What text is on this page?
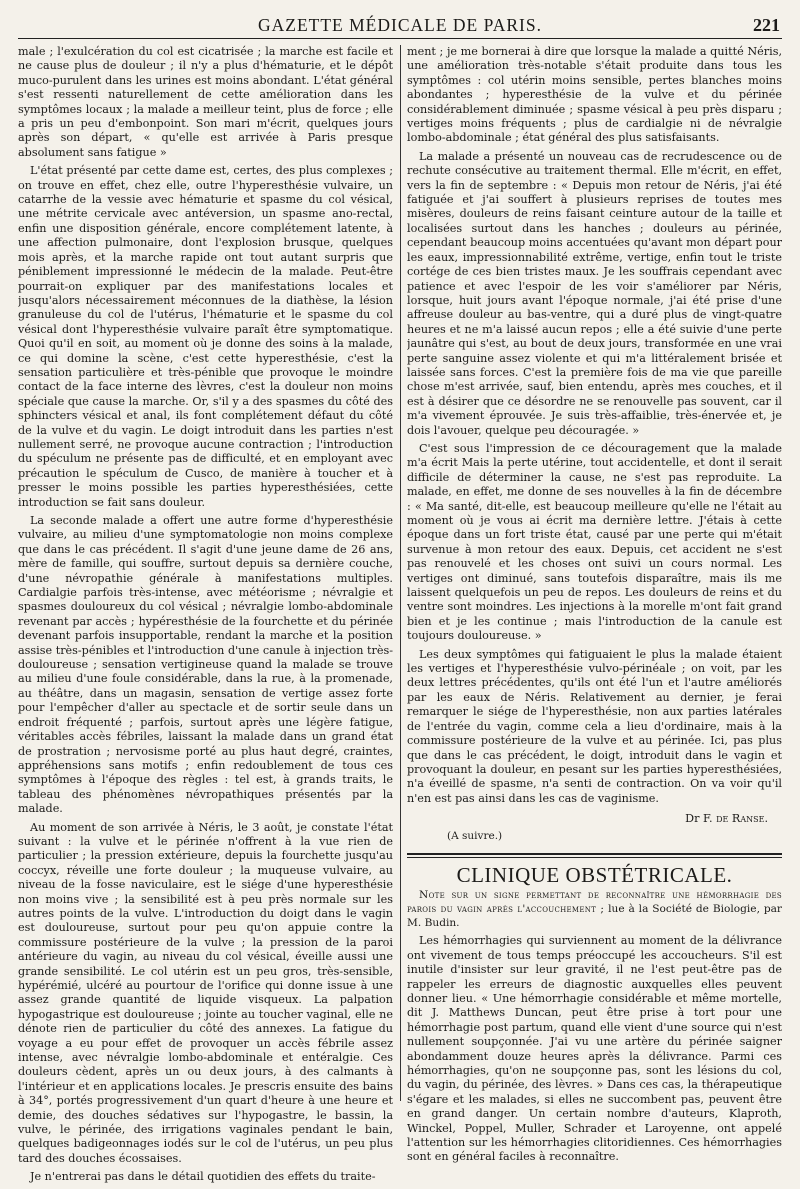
GAZETTE MÉDICALE DE PARIS.	221

male ; l'exulcération du col est cicatrisée ; la marche est facile et ne cause plus de douleur ; il n'y a plus d'hématurie, et le dépôt muco-purulent dans les urines est moins abondant. L'état général s'est ressenti naturellement de cette amélioration dans les symptômes locaux ; la malade a meilleur teint, plus de force ; elle a pris un peu d'embonpoint. Son mari m'écrit, quelques jours après son départ, « qu'elle est arrivée à Paris presque absolument sans fatigue »

L'état présenté par cette dame est, certes, des plus complexes ; on trouve en effet, chez elle, outre l'hyperesthésie vulvaire, un catarrhe de la vessie avec hématurie et spasme du col vésical, une métrite cervicale avec antéversion, un spasme ano-rectal, enfin une disposition générale, encore complétement latente, à une affection pulmonaire, dont l'explosion brusque, quelques mois après, et la marche rapide ont tout autant surpris que péniblement impressionné le médecin de la malade. Peut-être pourrait-on expliquer par des manifestations locales et jusqu'alors nécessairement méconnues de la diathèse, la lésion granuleuse du col de l'utérus, l'hématurie et le spasme du col vésical dont l'hyperesthésie vulvaire paraît être symptomatique. Quoi qu'il en soit, au moment où je donne des soins à la malade, ce qui domine la scène, c'est cette hyperesthésie, c'est la sensation particulière et très-pénible que provoque le moindre contact de la face interne des lèvres, c'est la douleur non moins spéciale que cause la marche. Or, s'il y a des spasmes du côté des sphincters vésical et anal, ils font complétement défaut du côté de la vulve et du vagin. Le doigt introduit dans les parties n'est nullement serré, ne provoque aucune contraction ; l'introduction du spéculum ne présente pas de difficulté, et en employant avec précaution le spéculum de Cusco, de manière à toucher et à presser le moins possible les parties hyperesthésiées, cette introduction se fait sans douleur.

La seconde malade a offert une autre forme d'hyperesthésie vulvaire, au milieu d'une symptomatologie non moins complexe que dans le cas précédent. Il s'agit d'une jeune dame de 26 ans, mère de famille, qui souffre, surtout depuis sa dernière couche, d'une névropathie générale à manifestations multiples. Cardialgie parfois très-intense, avec météorisme ; névralgie et spasmes douloureux du col vésical ; névralgie lombo-abdominale revenant par accès ; hypéresthésie de la fourchette et du périnée devenant parfois insupportable, rendant la marche et la position assise très-pénibles et l'introduction d'une canule à injection très-douloureuse ; sensation vertigineuse quand la malade se trouve au milieu d'une foule considérable, dans la rue, à la promenade, au théâtre, dans un magasin, sensation de vertige assez forte pour l'empêcher d'aller au spectacle et de sortir seule dans un endroit fréquenté ; parfois, surtout après une légère fatigue, véritables accès fébriles, laissant la malade dans un grand état de prostration ; nervosisme porté au plus haut degré, craintes, appréhensions sans motifs ; enfin redoublement de tous ces symptômes à l'époque des règles : tel est, à grands traits, le tableau des phénomènes névropathiques présentés par la malade.

Au moment de son arrivée à Néris, le 3 août, je constate l'état suivant : la vulve et le périnée n'offrent à la vue rien de particulier ; la pression extérieure, depuis la fourchette jusqu'au coccyx, réveille une forte douleur ; la muqueuse vulvaire, au niveau de la fosse naviculaire, est le siége d'une hyperesthésie non moins vive ; la sensibilité est à peu près normale sur les autres points de la vulve. L'introduction du doigt dans le vagin est douloureuse, surtout pour peu qu'on appuie contre la commissure postérieure de la vulve ; la pression de la paroi antérieure du vagin, au niveau du col vésical, éveille aussi une grande sensibilité. Le col utérin est un peu gros, très-sensible, hypérémié, ulcéré au pourtour de l'orifice qui donne issue à une assez grande quantité de liquide visqueux. La palpation hypogastrique est douloureuse ; jointe au toucher vaginal, elle ne dénote rien de particulier du côté des annexes. La fatigue du voyage a eu pour effet de provoquer un accès fébrile assez intense, avec névralgie lombo-abdominale et entéralgie. Ces douleurs cèdent, après un ou deux jours, à des calmants à l'intérieur et en applications locales. Je prescris ensuite des bains à 34°, portés progressivement d'un quart d'heure à une heure et demie, des douches sédatives sur l'hypogastre, le bassin, la vulve, le périnée, des irrigations vaginales pendant le bain, quelques badigeonnages iodés sur le col de l'utérus, un peu plus tard des douches écossaises.

Je n'entrerai pas dans le détail quotidien des effets du traite-

ment ; je me bornerai à dire que lorsque la malade a quitté Néris, une amélioration très-notable s'était produite dans tous les symptômes : col utérin moins sensible, pertes blanches moins abondantes ; hyperesthésie de la vulve et du périnée considérablement diminuée ; spasme vésical à peu près disparu ; vertiges moins fréquents ; plus de cardialgie ni de névralgie lombo-abdominale ; état général des plus satisfaisants.

La malade a présenté un nouveau cas de recrudescence ou de rechute consécutive au traitement thermal. Elle m'écrit, en effet, vers la fin de septembre : « Depuis mon retour de Néris, j'ai été fatiguée et j'ai souffert à plusieurs reprises de toutes mes misères, douleurs de reins faisant ceinture autour de la taille et localisées surtout dans les hanches ; douleurs au périnée, cependant beaucoup moins accentuées qu'avant mon départ pour les eaux, impressionnabilité extrême, vertige, enfin tout le triste cortége de ces bien tristes maux. Je les souffrais cependant avec patience et avec l'espoir de les voir s'améliorer par Néris, lorsque, huit jours avant l'époque normale, j'ai été prise d'une affreuse douleur au bas-ventre, qui a duré plus de vingt-quatre heures et ne m'a laissé aucun repos ; elle a été suivie d'une perte jaunâtre qui s'est, au bout de deux jours, transformée en une vrai perte sanguine assez violente et qui m'a littéralement brisée et laissée sans forces. C'est la première fois de ma vie que pareille chose m'est arrivée, sauf, bien entendu, après mes couches, et il est à désirer que ce désordre ne se renouvelle pas souvent, car il m'a vivement éprouvée. Je suis très-affaiblie, très-énervée et, je dois l'avouer, quelque peu découragée. »

C'est sous l'impression de ce découragement que la malade m'a écrit Mais la perte utérine, tout accidentelle, et dont il serait difficile de déterminer la cause, ne s'est pas reproduite. La malade, en effet, me donne de ses nouvelles à la fin de décembre : « Ma santé, dit-elle, est beaucoup meilleure qu'elle ne l'était au moment où je vous ai écrit ma dernière lettre. J'étais à cette époque dans un fort triste état, causé par une perte qui m'était survenue à mon retour des eaux. Depuis, cet accident ne s'est pas renouvelé et les choses ont suivi un cours normal. Les vertiges ont diminué, sans toutefois disparaître, mais ils me laissent quelquefois un peu de repos. Les douleurs de reins et du ventre sont moindres. Les injections à la morelle m'ont fait grand bien et je les continue ; mais l'introduction de la canule est toujours douloureuse. »

Les deux symptômes qui fatiguaient le plus la malade étaient les vertiges et l'hyperesthésie vulvo-périnéale ; on voit, par les deux lettres précédentes, qu'ils ont été l'un et l'autre améliorés par les eaux de Néris. Relativement au dernier, je ferai remarquer le siége de l'hyperesthésie, non aux parties latérales de l'entrée du vagin, comme cela a lieu d'ordinaire, mais à la commissure postérieure de la vulve et au périnée. Ici, pas plus que dans le cas précédent, le doigt, introduit dans le vagin et provoquant la douleur, en pesant sur les parties hyperesthésiées, n'a éveillé de spasme, n'a senti de contraction. On va voir qu'il n'en est pas ainsi dans les cas de vaginisme.

Dr F. de Ranse.
(A suivre.)
CLINIQUE OBSTÉTRICALE.

Note sur un signe permettant de reconnaître une hémorrhagie des parois du vagin après l'accouchement ; lue à la Société de Biologie, par M. Budin.

Les hémorrhagies qui surviennent au moment de la délivrance ont vivement de tous temps préoccupé les accoucheurs. S'il est inutile d'insister sur leur gravité, il ne l'est peut-être pas de rappeler les erreurs de diagnostic auxquelles elles peuvent donner lieu. « Une hémorrhagie considérable et même mortelle, dit J. Matthews Duncan, peut être prise à tort pour une hémorrhagie post partum, quand elle vient d'une source qui n'est nullement soupçonnée. J'ai vu une artère du périnée saigner abondamment douze heures après la délivrance. Parmi ces hémorrhagies, qu'on ne soupçonne pas, sont les lésions du col, du vagin, du périnée, des lèvres. » Dans ces cas, la thérapeutique s'égare et les malades, si elles ne succombent pas, peuvent être en grand danger. Un certain nombre d'auteurs, Klaproth, Winckel, Poppel, Muller, Schrader et Laroyenne, ont appelé l'attention sur les hémorrhagies clitoridiennes. Ces hémorrhagies sont en général faciles à reconnaître.
